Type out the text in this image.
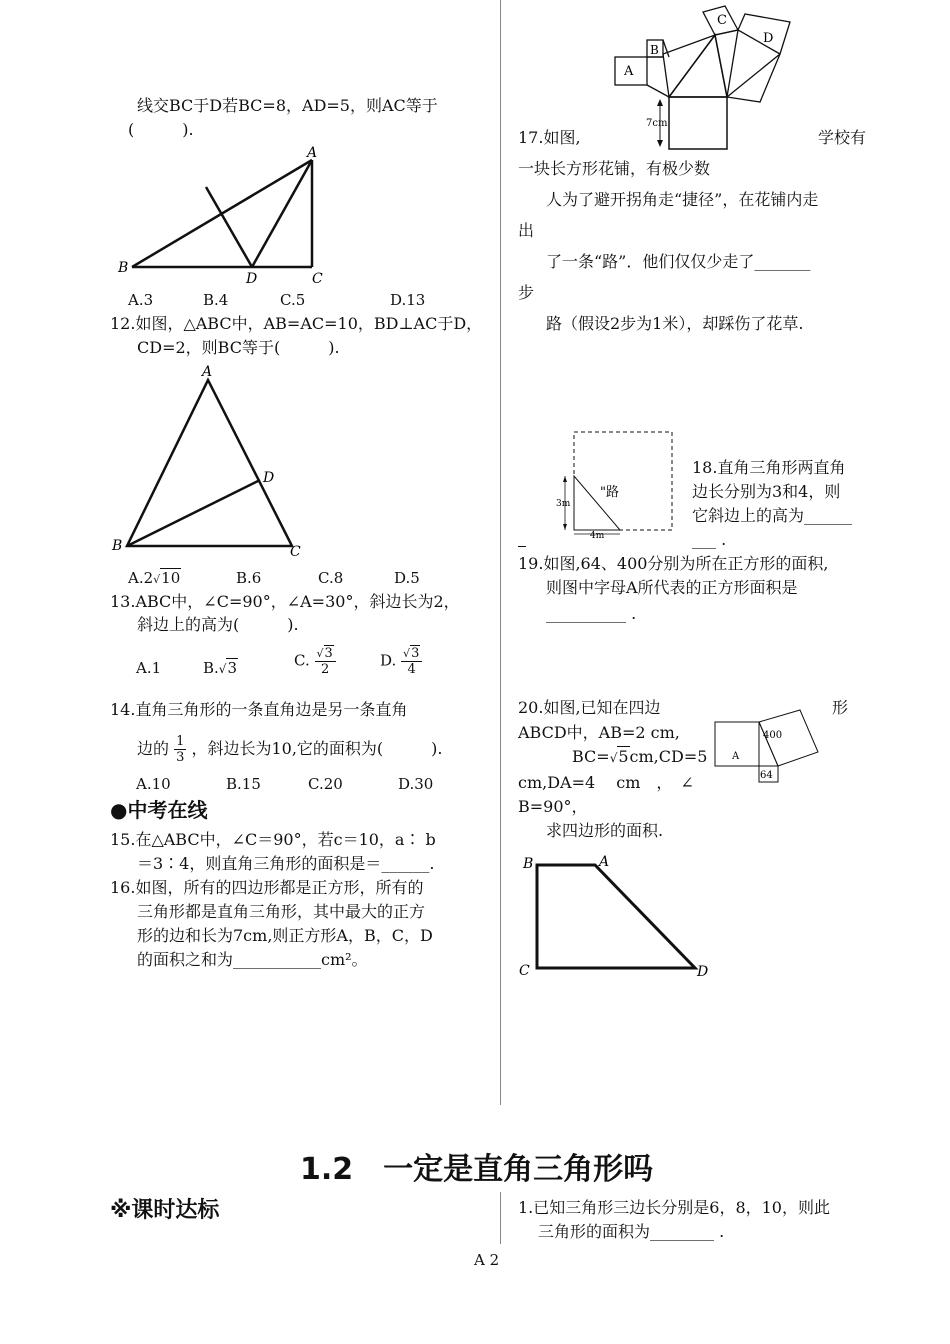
线交BC于D若BC=8，AD=5，则AC等于
(　　　).
A
B
C
D
A.3	B.4	C.5	D.13
12.如图，△ABC中，AB=AC=10，BD⊥AC于D，
CD=2，则BC等于(　　　).
A
B	C
D
A.2√10	B.6	C.8	D.5
13.ABC中，∠C=90°，∠A=30°，斜边长为2，
斜边上的高为(　　　).
A.1	B.√3	C. $\frac{√3}{2}$	D. $\frac{√3}{4}$
14.直角三角形的一条直角边是另一条直角
边的 $\frac{1}{3}$ ，斜边长为10,它的面积为(　　　).
A.10	B.15	C.20	D.30
●中考在线
15.在△ABC中，∠C＝90°，若c＝10，a∶ b
＝3∶4，则直角三角形的面积是＝______.
16.如图，所有的四边形都是正方形，所有的
三角形都是直角三角形，其中最大的正方
形的边和长为7cm,则正方形A，B，C，D
的面积之和为___________cm²。
A
B
C
D
7cm
17.如图,	学校有
一块长方形花铺，有极少数
人为了避开拐角走“捷径”，在花铺内走
出
了一条“路”．他们仅仅少走了_______
步
路（假设2步为1米），却踩伤了花草.
"路
3m
4m
18.直角三角形两直角
边长分别为3和4，则
它斜边上的高为______
___ .
19.如图,64、400分别为所在正方形的面积,
则图中字母A所代表的正方形面积是
__________ .
20.如图,已知在四边	形
A
400
64
ABCD中，AB=2 cm,
BC=√5cm,CD=5
cm,DA=4　 cm　，　∠
B=90°，
求四边形的面积.
B	A
C	D
1.2　一定是直角三角形吗
※课时达标	1.已知三角形三边长分别是6，8，10，则此
三角形的面积为________ .
A 2
